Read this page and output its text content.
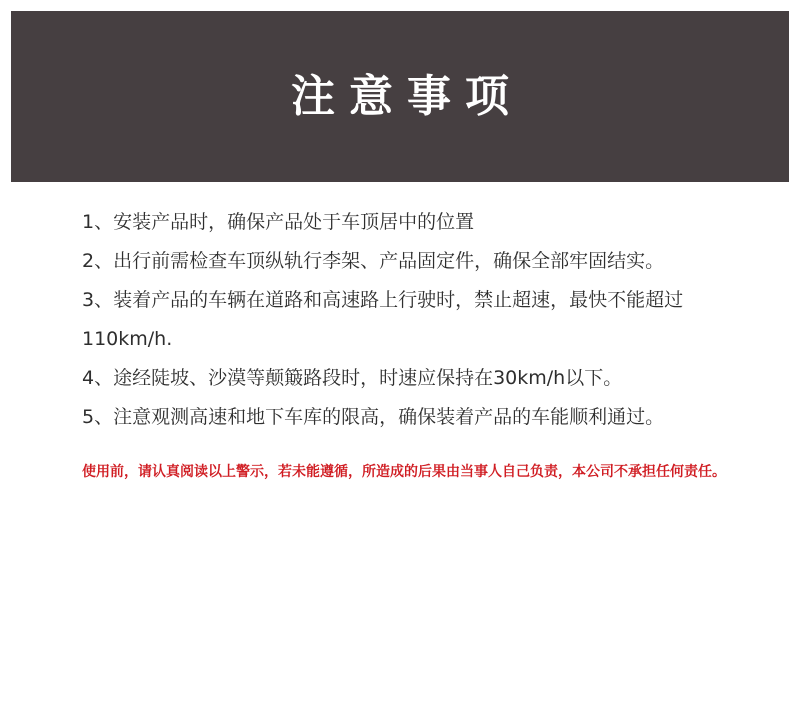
注意事项
1、安装产品时，确保产品处于车顶居中的位置
2、出行前需检查车顶纵轨行李架、产品固定件，确保全部牢固结实。
3、装着产品的车辆在道路和高速路上行驶时，禁止超速，最快不能超过110km/h.
4、途经陡坡、沙漠等颠簸路段时，时速应保持在30km/h以下。
5、注意观测高速和地下车库的限高，确保装着产品的车能顺利通过。

使用前，请认真阅读以上警示，若未能遵循，所造成的后果由当事人自己负责，本公司不承担任何责任。
